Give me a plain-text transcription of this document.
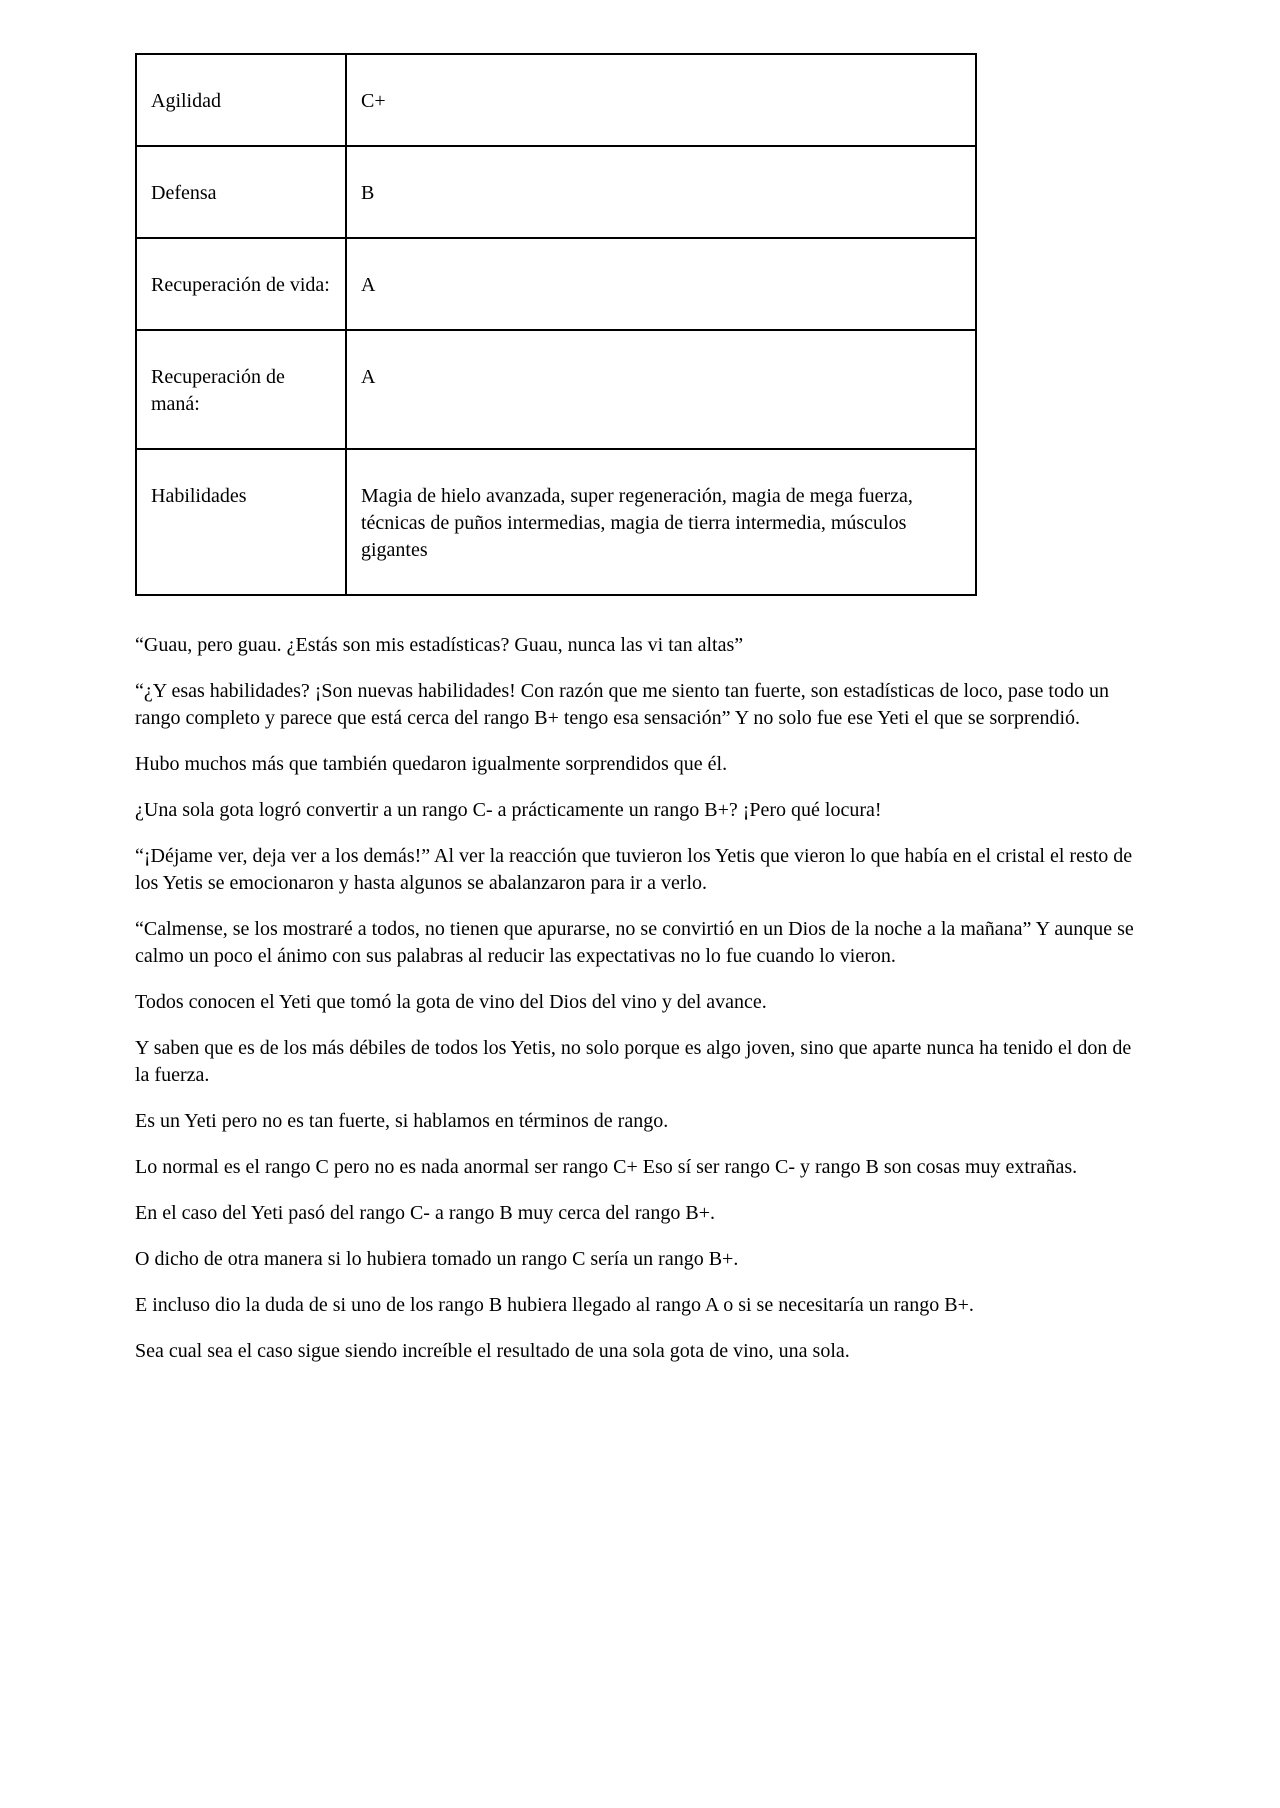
Agilidad	C+
Defensa	B
Recuperación de vida:	A
Recuperación de maná:	A
Habilidades	Magia de hielo avanzada, super regeneración, magia de mega fuerza, técnicas de puños intermedias, magia de tierra intermedia, músculos gigantes

“Guau, pero guau. ¿Estás son mis estadísticas? Guau, nunca las vi tan altas”

“¿Y esas habilidades? ¡Son nuevas habilidades! Con razón que me siento tan fuerte, son estadísticas de loco, pase todo un rango completo y parece que está cerca del rango B+ tengo esa sensación” Y no solo fue ese Yeti el que se sorprendió.

Hubo muchos más que también quedaron igualmente sorprendidos que él.

¿Una sola gota logró convertir a un rango C- a prácticamente un rango B+? ¡Pero qué locura!

“¡Déjame ver, deja ver a los demás!” Al ver la reacción que tuvieron los Yetis que vieron lo que había en el cristal el resto de los Yetis se emocionaron y hasta algunos se abalanzaron para ir a verlo.

“Calmense, se los mostraré a todos, no tienen que apurarse, no se convirtió en un Dios de la noche a la mañana” Y aunque se calmo un poco el ánimo con sus palabras al reducir las expectativas no lo fue cuando lo vieron.

Todos conocen el Yeti que tomó la gota de vino del Dios del vino y del avance.

Y saben que es de los más débiles de todos los Yetis, no solo porque es algo joven, sino que aparte nunca ha tenido el don de la fuerza.

Es un Yeti pero no es tan fuerte, si hablamos en términos de rango.

Lo normal es el rango C pero no es nada anormal ser rango C+ Eso sí ser rango C- y rango B son cosas muy extrañas.

En el caso del Yeti pasó del rango C- a rango B muy cerca del rango B+.

O dicho de otra manera si lo hubiera tomado un rango C sería un rango B+.

E incluso dio la duda de si uno de los rango B hubiera llegado al rango A o si se necesitaría un rango B+.

Sea cual sea el caso sigue siendo increíble el resultado de una sola gota de vino, una sola.
